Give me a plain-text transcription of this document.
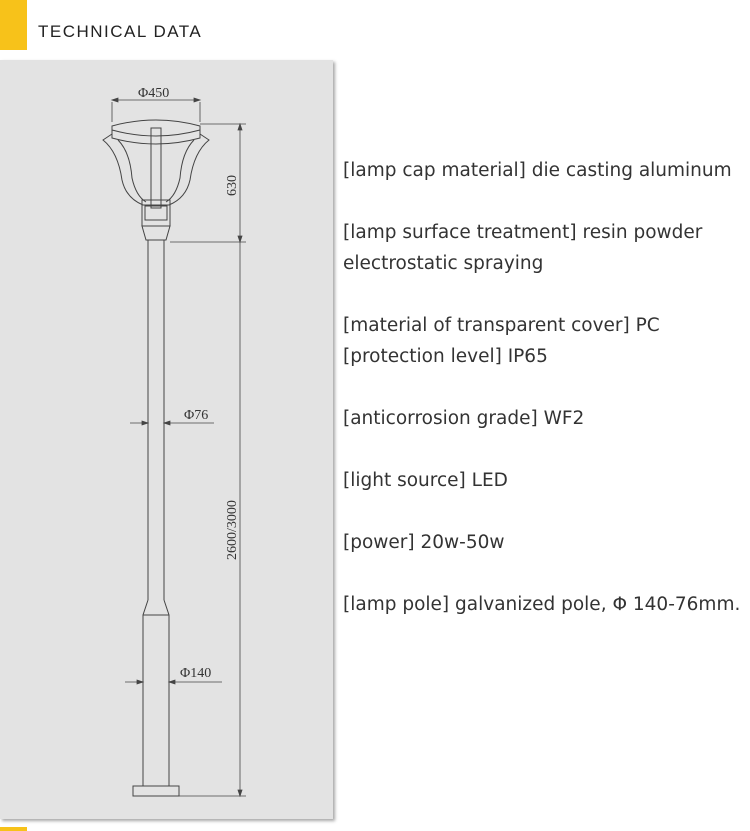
TECHNICAL DATA
Φ450
630
Φ76
2600/3000
Φ140
[lamp cap material] die casting aluminum
[lamp surface treatment] resin powder
electrostatic spraying
[material of transparent cover] PC
[protection level] IP65
[anticorrosion grade] WF2
[light source] LED
[power] 20w-50w
[lamp pole] galvanized pole, Φ 140-76mm.
